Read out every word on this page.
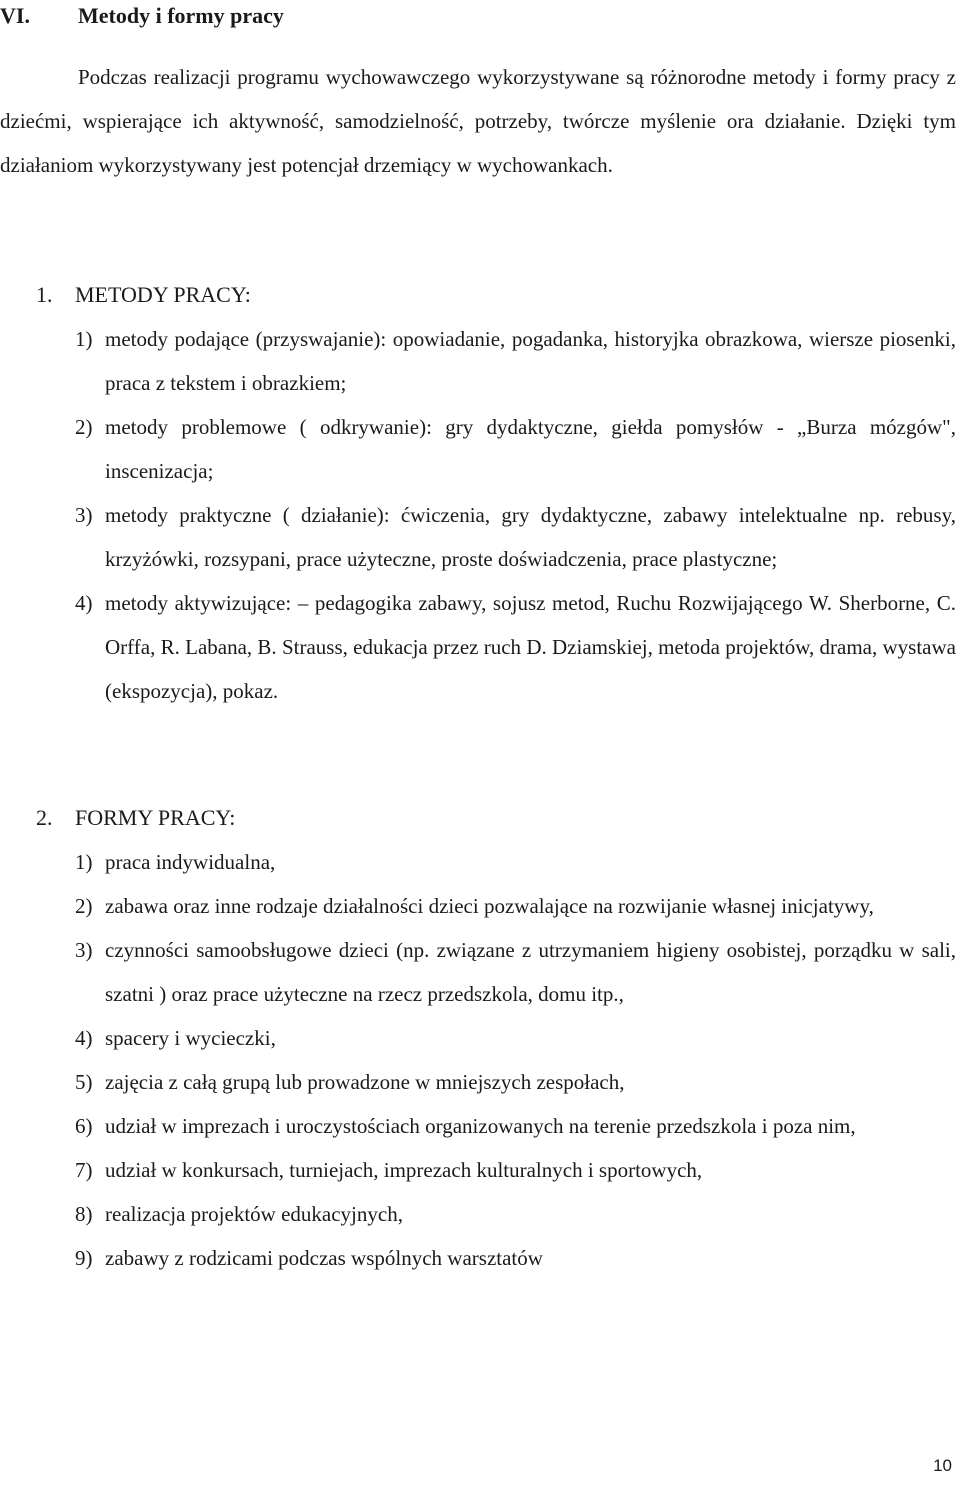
VI. Metody i formy pracy
Podczas realizacji programu wychowawczego wykorzystywane są różnorodne metody i formy pracy z dziećmi, wspierające ich aktywność, samodzielność, potrzeby, twórcze myślenie ora działanie. Dzięki tym działaniom wykorzystywany jest potencjał drzemiący w wychowankach.
1. METODY PRACY:
1) metody podające (przyswajanie): opowiadanie, pogadanka, historyjka obrazkowa, wiersze piosenki, praca z tekstem i obrazkiem;
2) metody problemowe ( odkrywanie): gry dydaktyczne, giełda pomysłów - „Burza mózgów", inscenizacja;
3) metody praktyczne ( działanie): ćwiczenia, gry dydaktyczne, zabawy intelektualne np. rebusy, krzyżówki, rozsypani, prace użyteczne, proste doświadczenia, prace plastyczne;
4) metody aktywizujące: – pedagogika zabawy, sojusz metod, Ruchu Rozwijającego W. Sherborne, C. Orffa, R. Labana, B. Strauss, edukacja przez ruch D. Dziamskiej, metoda projektów, drama, wystawa (ekspozycja), pokaz.
2. FORMY PRACY:
1) praca indywidualna,
2) zabawa oraz inne rodzaje działalności dzieci pozwalające na rozwijanie własnej inicjatywy,
3) czynności samoobsługowe dzieci (np. związane z utrzymaniem higieny osobistej, porządku w sali, szatni ) oraz prace użyteczne na rzecz przedszkola, domu itp.,
4) spacery i wycieczki,
5) zajęcia z całą grupą lub prowadzone w mniejszych zespołach,
6) udział w imprezach i uroczystościach organizowanych na terenie przedszkola i poza nim,
7) udział w konkursach, turniejach, imprezach kulturalnych i sportowych,
8) realizacja projektów edukacyjnych,
9) zabawy z rodzicami podczas wspólnych warsztatów
10
